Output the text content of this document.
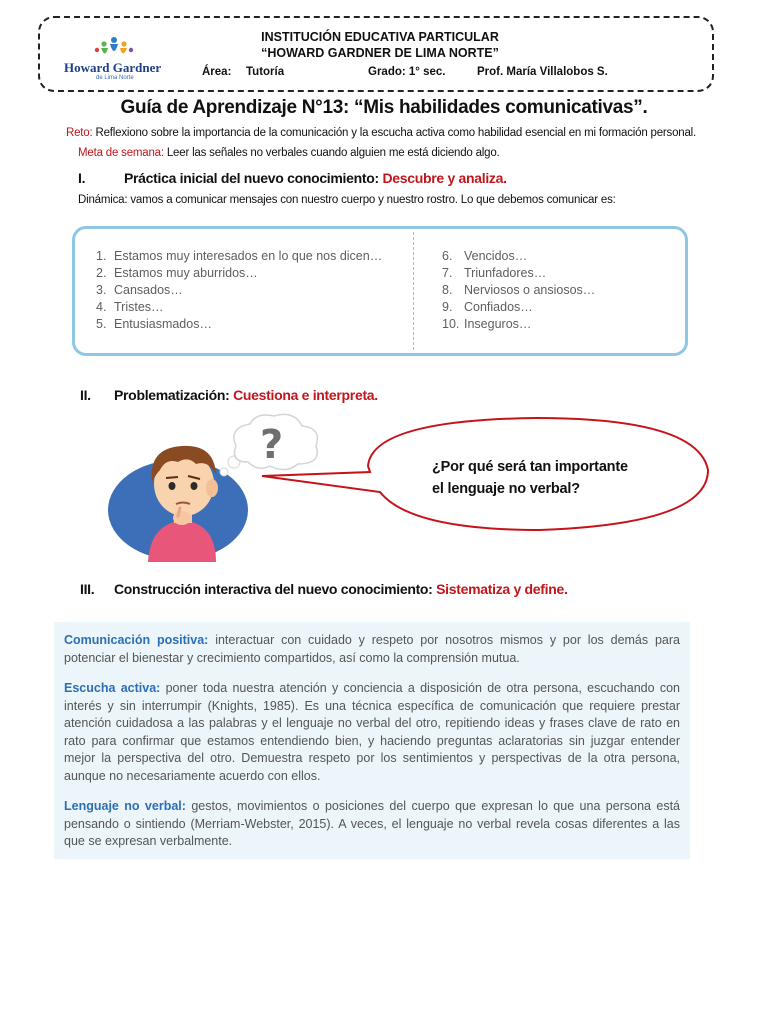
Howard Gardner
de Lima Norte
INSTITUCIÓN EDUCATIVA PARTICULAR
“HOWARD GARDNER DE LIMA NORTE”
Área: Tutoría	Grado: 1° sec.	Prof. María Villalobos S.
Guía de Aprendizaje N°13: “Mis habilidades comunicativas”.
Reto: Reflexiono sobre la importancia de la comunicación y la escucha activa como habilidad esencial en mi formación personal.
Meta de semana: Leer las señales no verbales cuando alguien me está diciendo algo.
I.	Práctica inicial del nuevo conocimiento: Descubre y analiza.
Dinámica: vamos a comunicar mensajes con nuestro cuerpo y nuestro rostro. Lo que debemos comunicar es:
1. Estamos muy interesados en lo que nos dicen…
2. Estamos muy aburridos…
3. Cansados…
4. Tristes…
5. Entusiasmados…
6. Vencidos…
7. Triunfadores…
8. Nerviosos o ansiosos…
9. Confiados…
10. Inseguros…
II. Problematización: Cuestiona e interpreta.
?	¿Por qué será tan importante
el lenguaje no verbal?
III. Construcción interactiva del nuevo conocimiento: Sistematiza y define.

Comunicación positiva: interactuar con cuidado y respeto por nosotros mismos y por los demás para potenciar el bienestar y crecimiento compartidos, así como la comprensión mutua.

Escucha activa: poner toda nuestra atención y conciencia a disposición de otra persona, escuchando con interés y sin interrumpir (Knights, 1985). Es una técnica específica de comunicación que requiere prestar atención cuidadosa a las palabras y el lenguaje no verbal del otro, repitiendo ideas y frases clave de rato en rato para confirmar que estamos entendiendo bien, y haciendo preguntas aclaratorias sin juzgar entender mejor la perspectiva del otro. Demuestra respeto por los sentimientos y perspectivas de la otra persona, aunque no necesariamente acuerdo con ellos.

Lenguaje no verbal: gestos, movimientos o posiciones del cuerpo que expresan lo que una persona está pensando o sintiendo (Merriam-Webster, 2015). A veces, el lenguaje no verbal revela cosas diferentes a las que se expresan verbalmente.
